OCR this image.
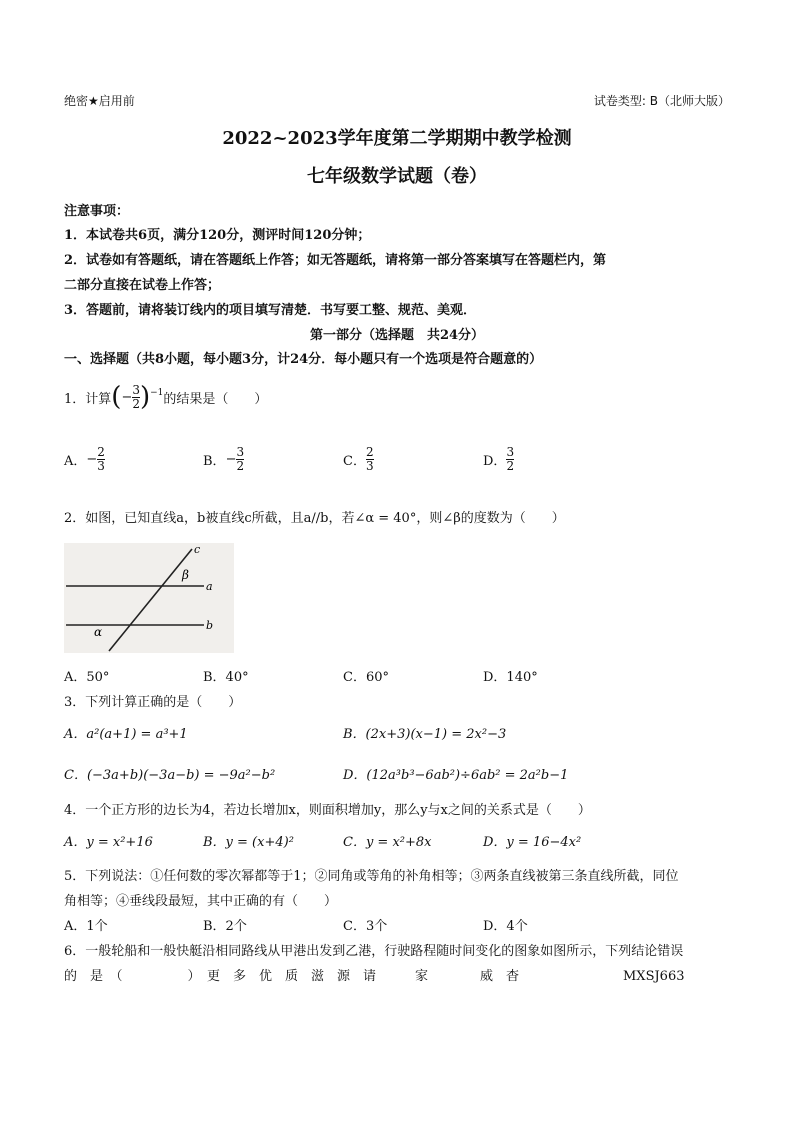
绝密★启用前	试卷类型: B（北师大版）
2022~2023学年度第二学期期中教学检测
七年级数学试题（卷）
注意事项：
1．本试卷共6页，满分120分，测评时间120分钟；
2．试卷如有答题纸，请在答题纸上作答；如无答题纸，请将第一部分答案填写在答题栏内，第
二部分直接在试卷上作答；
3．答题前，请将装订线内的项目填写清楚．书写要工整、规范、美观．
第一部分（选择题　共24分）
一、选择题（共8小题，每小题3分，计24分．每小题只有一个选项是符合题意的）
1．计算 ( − $\frac{3}{2} )^{-1}$ 的结果是（　　）
A． − $\frac{2}{3}$	B． − $\frac{3}{2}$	C． $\frac{2}{3}$	D． $\frac{3}{2}$
2．如图，已知直线a，b被直线c所截，且a//b，若∠α = 40°，则∠β的度数为（　　）
c
β
a
α	b
A．50°	B．40°	C．60°	D．140°
3．下列计算正确的是（　　）
A．a²(a+1) = a³+1	B．(2x+3)(x−1) = 2x²−3
C．(−3a+b)(−3a−b) = −9a²−b²	D．(12a³b³−6ab²)÷6ab² = 2a²b−1
4．一个正方形的边长为4，若边长增加x，则面积增加y，那么y与x之间的关系式是（　　）
A．y = x²+16	B．y = (x+4)²	C．y = x²+8x	D．y = 16−4x²
5．下列说法：①任何数的零次幂都等于1；②同角或等角的补角相等；③两条直线被第三条直线所截，同位
角相等；④垂线段最短，其中正确的有（　　）
A．1个	B．2个	C．3个	D．4个
6．一般轮船和一般快艇沿相同路线从甲港出发到乙港，行驶路程随时间变化的图象如图所示，下列结论错误
的　是　（　　　　　）　更　多　优　质　滋　源　请　　　家　　　　威　杳　　　　　　　　MXSJ663
